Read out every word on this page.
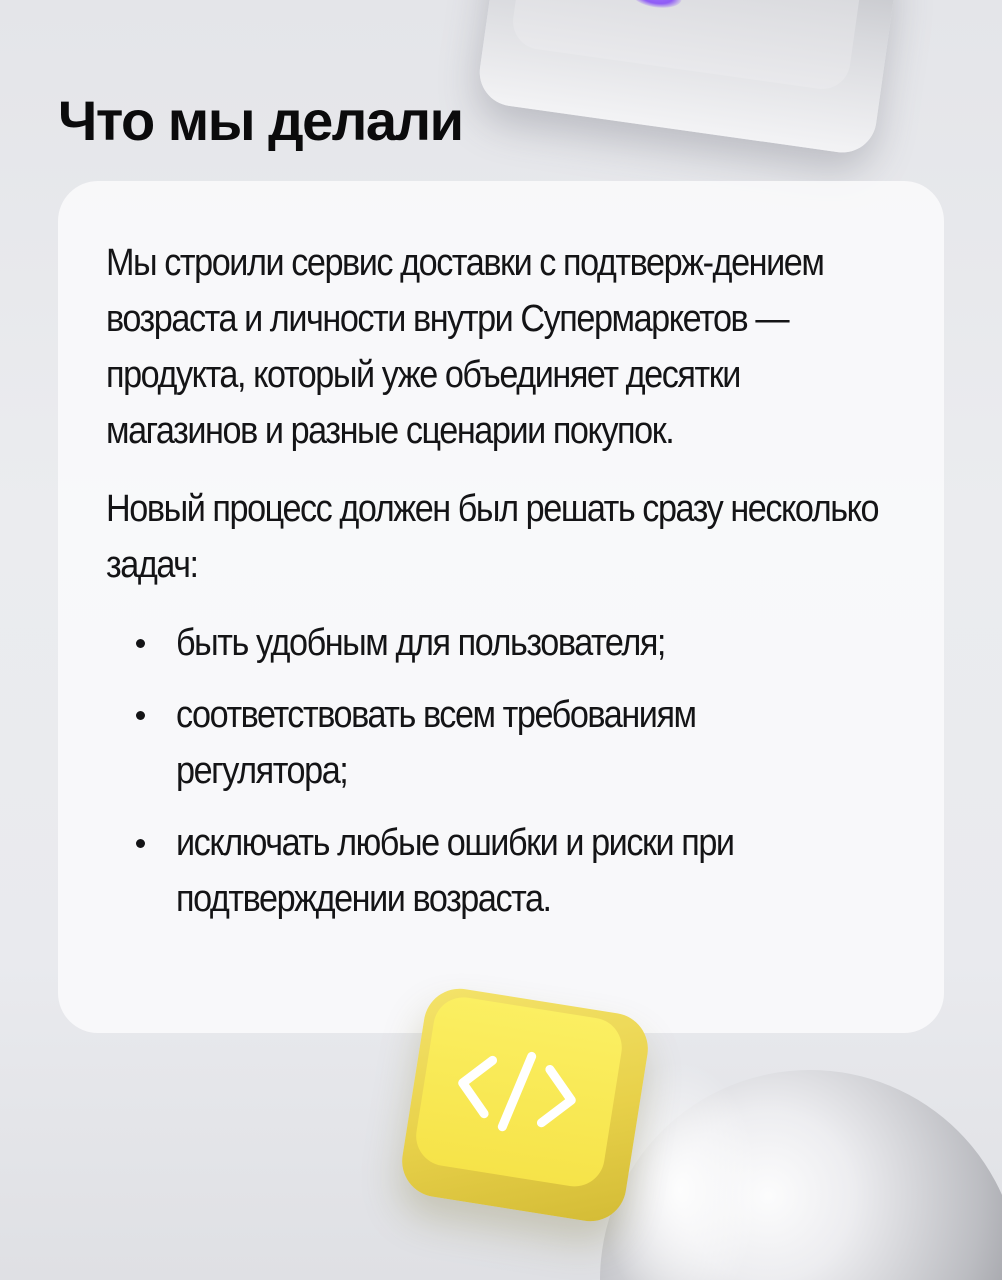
Что мы делали

Мы строили сервис доставки с подтверж-дением возраста и личности внутри Супермаркетов — продукта, который уже объединяет десятки магазинов и разные сценарии покупок.

Новый процесс должен был решать сразу несколько задач:

быть удобным для пользователя;
соответствовать всем требованиям регулятора;
исключать любые ошибки и риски при подтверждении возраста.
